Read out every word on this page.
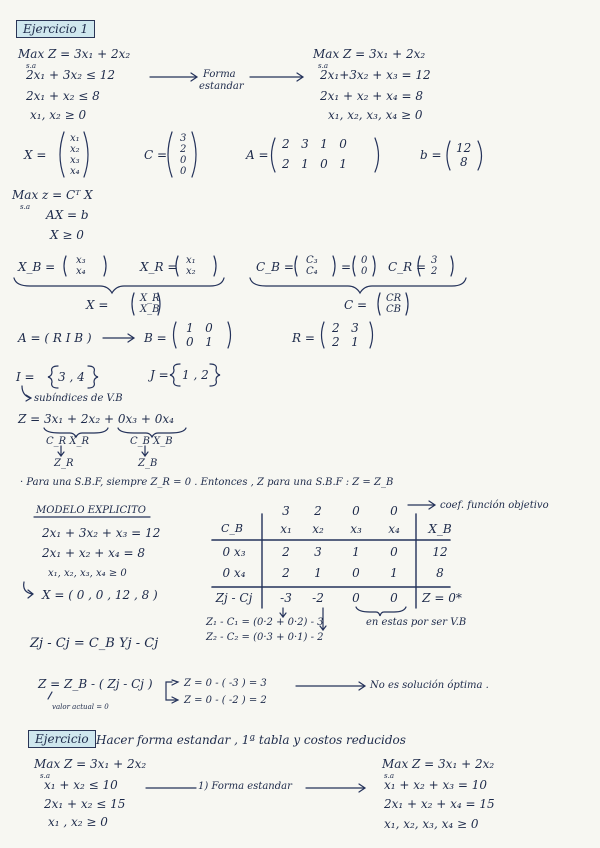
Ejercicio 1
Max Z = 3x₁ + 2x₂
s.a
2x₁ + 3x₂ ≤ 12
2x₁ + x₂ ≤ 8
x₁, x₂ ≥ 0
Forma
estandar
Max Z = 3x₁ + 2x₂
s.a
2x₁+3x₂ + x₃ = 12
2x₁ + x₂ + x₄ = 8
x₁, x₂, x₃, x₄ ≥ 0
X =
x₁
x₂
x₃
x₄
C =
3
2
0
0
A =
2   3   1   0
2   1   0   1
b = 12
8
Max z = Cᵀ X
s.a
AX = b
X ≥ 0
X_B = x₃
x₄	X_R = x₁
x₂	C_B = C₃
C₄ = 0
0 C_R = 3
2
X =	X_R
X_B	C = CR
CB
A = ( R I B )	B =
1   0
0   1	R =
2   3
2   1
I = 3 , 4	J = 1 , 2
subíndices de V.B
Z = 3x₁ + 2x₂ + 0x₃ + 0x₄
C_R X_R	C_B X_B
Z_R	Z_B
· Para una S.B.F, siempre Z_R = 0 . Entonces , Z para una S.B.F : Z = Z_B
MODELO EXPLICITO
2x₁ + 3x₂ + x₃ = 12
2x₁ + x₂ + x₄ = 8
x₁, x₂, x₃, x₄ ≥ 0
X = ( 0 , 0 , 12 , 8 )
coef. función objetivo
3	2	0	0
C_B	x₁	x₂	x₃	x₄	X_B
0 x₃	2	3	1	0	12
0 x₄	2	1	0	1	8
Zj - Cj	-3	-2	0	0	Z = 0*
Z₁ - C₁ = (0·2 + 0·2) - 3
Z₂ - C₂ = (0·3 + 0·1) - 2
en estas por ser V.B
Zj - Cj = C_B Yj - Cj
Z = Z_B - ( Zj - Cj )
valor actual = 0
Z = 0 - ( -3 ) = 3
Z = 0 - ( -2 ) = 2
No es solución óptima .
Ejercicio Hacer forma estandar , 1ª tabla y costos reducidos
Max Z = 3x₁ + 2x₂
s.a
x₁ + x₂ ≤ 10
2x₁ + x₂ ≤ 15
x₁ , x₂ ≥ 0
1) Forma estandar
Max Z = 3x₁ + 2x₂
s.a
x₁ + x₂ + x₃ = 10
2x₁ + x₂ + x₄ = 15
x₁, x₂, x₃, x₄ ≥ 0
